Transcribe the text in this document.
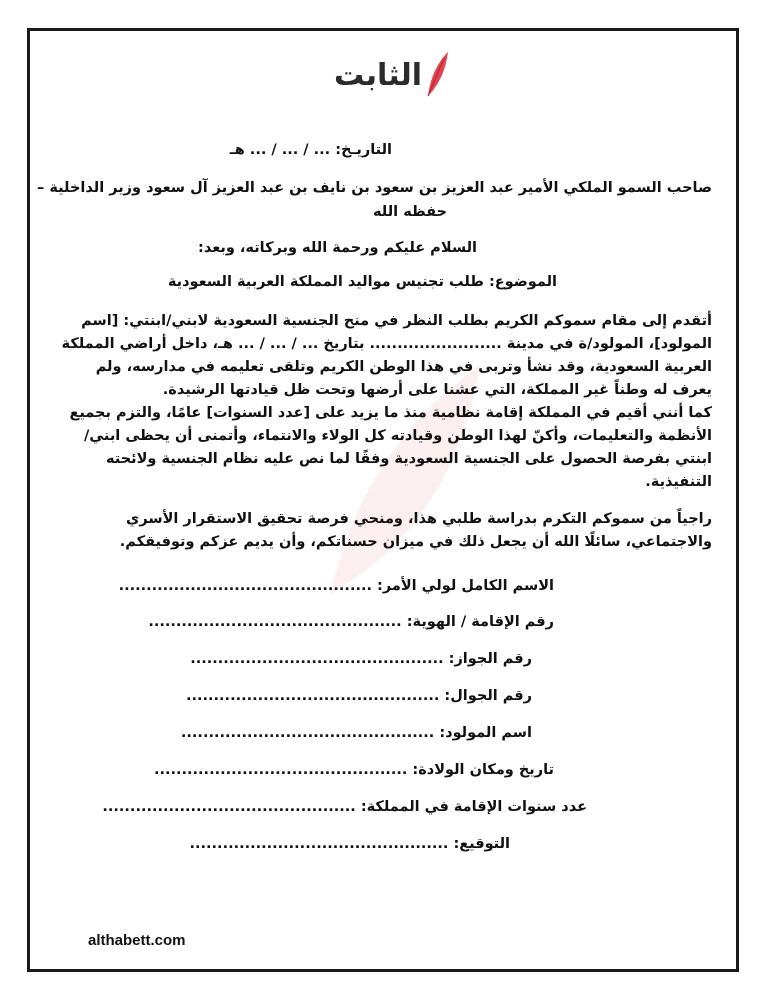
الثابت
التاريـخ: ... / ... / ... هـ
صاحب السمو الملكي الأمير عبد العزيز بن سعود بن نايف بن عبد العزيز آل سعود وزير الداخلية –
حفظه الله
السلام عليكم ورحمة الله وبركاته، وبعد:
الموضوع: طلب تجنيس مواليد المملكة العربية السعودية
أتقدم إلى مقام سموكم الكريم بطلب النظر في منح الجنسية السعودية لابني/ابنتي: [اسم المولود]، المولود/ة في مدينة ........................ بتاريخ ... / ... / ... هـ، داخل أراضي المملكة العربية السعودية، وقد نشأ وتربى في هذا الوطن الكريم وتلقى تعليمه في مدارسه، ولم يعرف له وطناً غير المملكة، التي عشنا على أرضها وتحت ظل قيادتها الرشيدة.
كما أنني أقيم في المملكة إقامة نظامية منذ ما يزيد على [عدد السنوات] عامًا، والتزم بجميع الأنظمة والتعليمات، وأكنّ لهذا الوطن وقيادته كل الولاء والانتماء، وأتمنى أن يحظى ابني/ابنتي بفرصة الحصول على الجنسية السعودية وفقًا لما نص عليه نظام الجنسية ولائحته التنفيذية.
راجياً من سموكم التكرم بدراسة طلبي هذا، ومنحي فرصة تحقيق الاستقرار الأسري والاجتماعي، سائلًا الله أن يجعل ذلك في ميزان حسناتكم، وأن يديم عزكم وتوفيقكم.
الاسم الكامل لولي الأمر: ..............................................
رقم الإقامة / الهوية: ..............................................
رقم الجواز: ..............................................
رقم الجوال: ..............................................
اسم المولود: ..............................................
تاريخ ومكان الولادة: ..............................................
عدد سنوات الإقامة في المملكة: ..............................................
التوقيع: ...............................................
althabett.com
